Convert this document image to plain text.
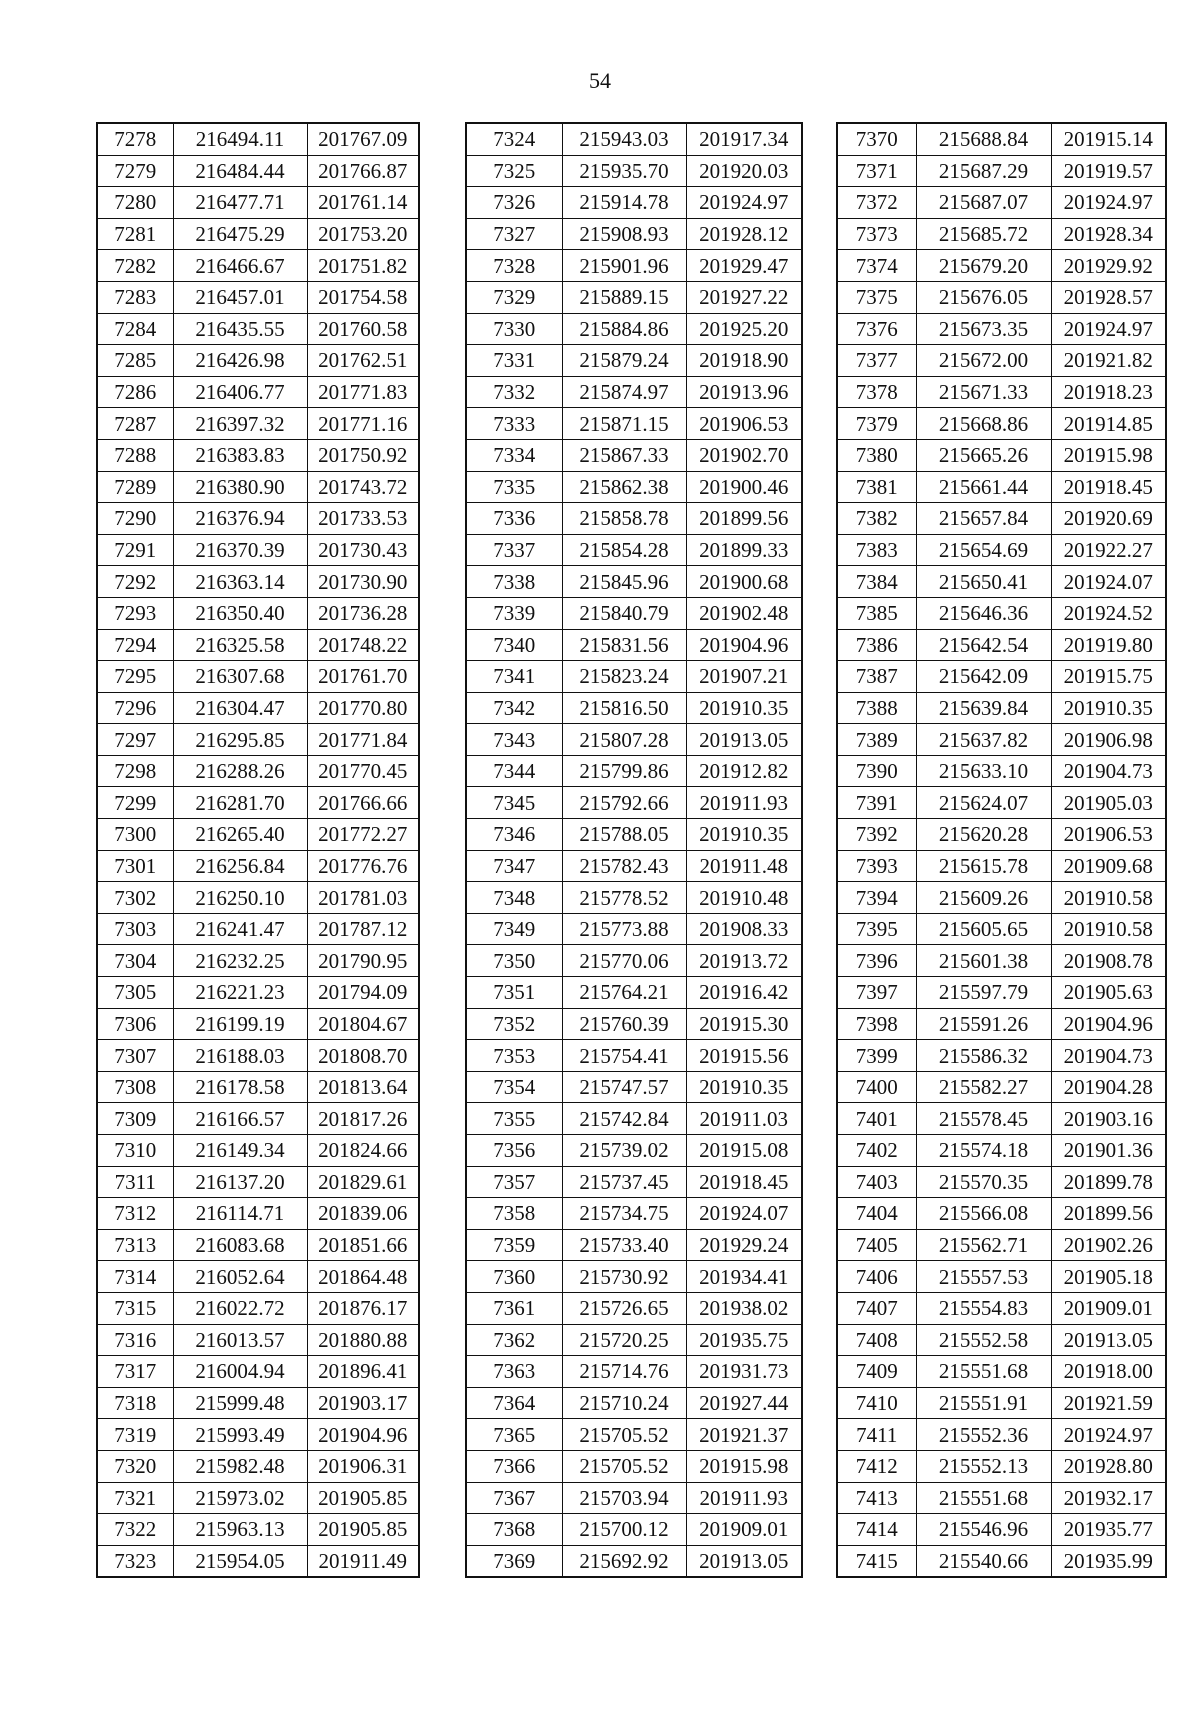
54
7278	216494.11	201767.09
7279	216484.44	201766.87
7280	216477.71	201761.14
7281	216475.29	201753.20
7282	216466.67	201751.82
7283	216457.01	201754.58
7284	216435.55	201760.58
7285	216426.98	201762.51
7286	216406.77	201771.83
7287	216397.32	201771.16
7288	216383.83	201750.92
7289	216380.90	201743.72
7290	216376.94	201733.53
7291	216370.39	201730.43
7292	216363.14	201730.90
7293	216350.40	201736.28
7294	216325.58	201748.22
7295	216307.68	201761.70
7296	216304.47	201770.80
7297	216295.85	201771.84
7298	216288.26	201770.45
7299	216281.70	201766.66
7300	216265.40	201772.27
7301	216256.84	201776.76
7302	216250.10	201781.03
7303	216241.47	201787.12
7304	216232.25	201790.95
7305	216221.23	201794.09
7306	216199.19	201804.67
7307	216188.03	201808.70
7308	216178.58	201813.64
7309	216166.57	201817.26
7310	216149.34	201824.66
7311	216137.20	201829.61
7312	216114.71	201839.06
7313	216083.68	201851.66
7314	216052.64	201864.48
7315	216022.72	201876.17
7316	216013.57	201880.88
7317	216004.94	201896.41
7318	215999.48	201903.17
7319	215993.49	201904.96
7320	215982.48	201906.31
7321	215973.02	201905.85
7322	215963.13	201905.85
7323	215954.05	201911.49
7324	215943.03	201917.34
7325	215935.70	201920.03
7326	215914.78	201924.97
7327	215908.93	201928.12
7328	215901.96	201929.47
7329	215889.15	201927.22
7330	215884.86	201925.20
7331	215879.24	201918.90
7332	215874.97	201913.96
7333	215871.15	201906.53
7334	215867.33	201902.70
7335	215862.38	201900.46
7336	215858.78	201899.56
7337	215854.28	201899.33
7338	215845.96	201900.68
7339	215840.79	201902.48
7340	215831.56	201904.96
7341	215823.24	201907.21
7342	215816.50	201910.35
7343	215807.28	201913.05
7344	215799.86	201912.82
7345	215792.66	201911.93
7346	215788.05	201910.35
7347	215782.43	201911.48
7348	215778.52	201910.48
7349	215773.88	201908.33
7350	215770.06	201913.72
7351	215764.21	201916.42
7352	215760.39	201915.30
7353	215754.41	201915.56
7354	215747.57	201910.35
7355	215742.84	201911.03
7356	215739.02	201915.08
7357	215737.45	201918.45
7358	215734.75	201924.07
7359	215733.40	201929.24
7360	215730.92	201934.41
7361	215726.65	201938.02
7362	215720.25	201935.75
7363	215714.76	201931.73
7364	215710.24	201927.44
7365	215705.52	201921.37
7366	215705.52	201915.98
7367	215703.94	201911.93
7368	215700.12	201909.01
7369	215692.92	201913.05
7370	215688.84	201915.14
7371	215687.29	201919.57
7372	215687.07	201924.97
7373	215685.72	201928.34
7374	215679.20	201929.92
7375	215676.05	201928.57
7376	215673.35	201924.97
7377	215672.00	201921.82
7378	215671.33	201918.23
7379	215668.86	201914.85
7380	215665.26	201915.98
7381	215661.44	201918.45
7382	215657.84	201920.69
7383	215654.69	201922.27
7384	215650.41	201924.07
7385	215646.36	201924.52
7386	215642.54	201919.80
7387	215642.09	201915.75
7388	215639.84	201910.35
7389	215637.82	201906.98
7390	215633.10	201904.73
7391	215624.07	201905.03
7392	215620.28	201906.53
7393	215615.78	201909.68
7394	215609.26	201910.58
7395	215605.65	201910.58
7396	215601.38	201908.78
7397	215597.79	201905.63
7398	215591.26	201904.96
7399	215586.32	201904.73
7400	215582.27	201904.28
7401	215578.45	201903.16
7402	215574.18	201901.36
7403	215570.35	201899.78
7404	215566.08	201899.56
7405	215562.71	201902.26
7406	215557.53	201905.18
7407	215554.83	201909.01
7408	215552.58	201913.05
7409	215551.68	201918.00
7410	215551.91	201921.59
7411	215552.36	201924.97
7412	215552.13	201928.80
7413	215551.68	201932.17
7414	215546.96	201935.77
7415	215540.66	201935.99
